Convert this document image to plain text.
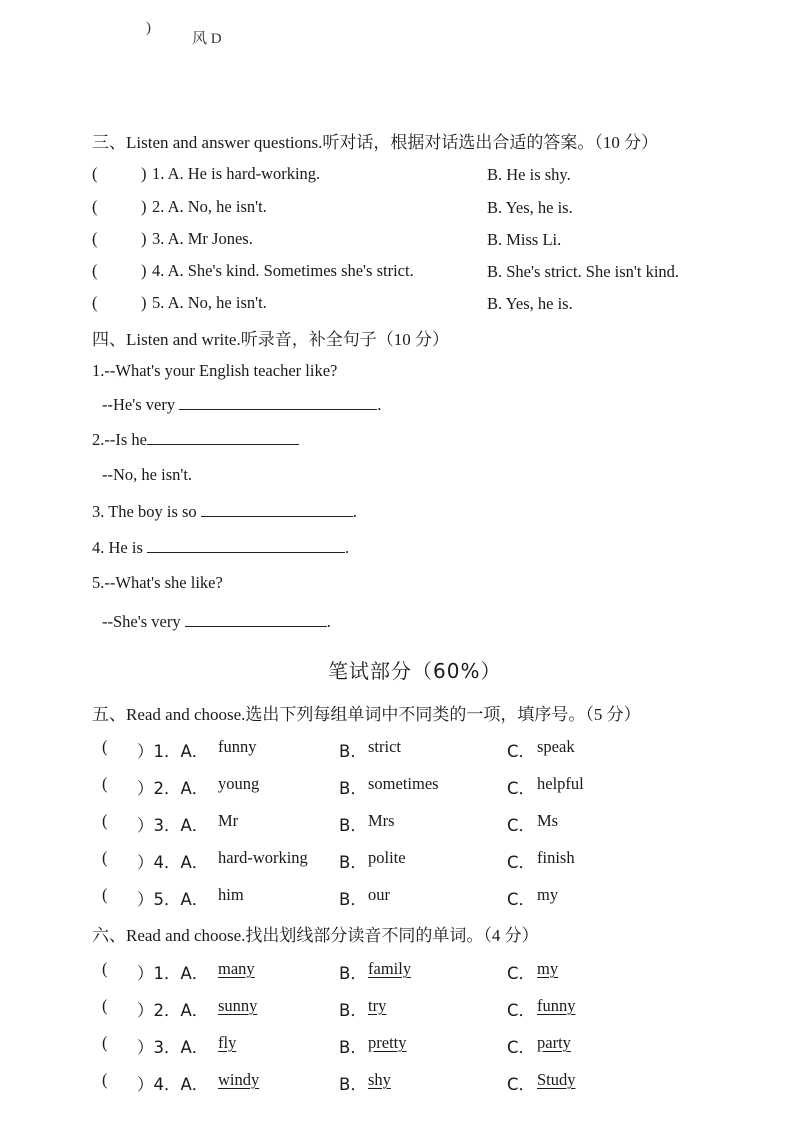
)
风 D
三、Listen and answer questions.听对话，根据对话选出合适的答案。（10 分）
(	) 1. A. He is hard-working.	B. He is shy.
(	) 2. A. No, he isn't.	B. Yes, he is.
(	) 3. A. Mr Jones.	B. Miss Li.
(	) 4. A. She's kind. Sometimes she's strict.	B. She's strict. She isn't kind.
(	) 5. A. No, he isn't.	B. Yes, he is.
四、Listen and write.听录音，补全句子（10 分）
1.--What's your English teacher like?
--He's very	.
2.--Is he
--No, he isn't.
3. The boy is so	.
4. He is	.
5.--What's she like?
--She's very	.
笔试部分（60%）
五、Read and choose.选出下列每组单词中不同类的一项，填序号。（5 分）
( ）1．A． funny	B． strict	C． speak
( ）2．A． young	B． sometimes	C． helpful
( ）3．A． Mr	B． Mrs	C． Ms
( ）4．A． hard-working B． polite	C． finish
( ）5．A． him	B． our	C． my
六、Read and choose.找出划线部分读音不同的单词。（4 分）
( ）1．A． many	B． family	C． my
( ）2．A． sunny	B． try	C． funny
( ）3．A． fly	B． pretty	C． party
( ）4．A． windy	B． shy	C． Study
